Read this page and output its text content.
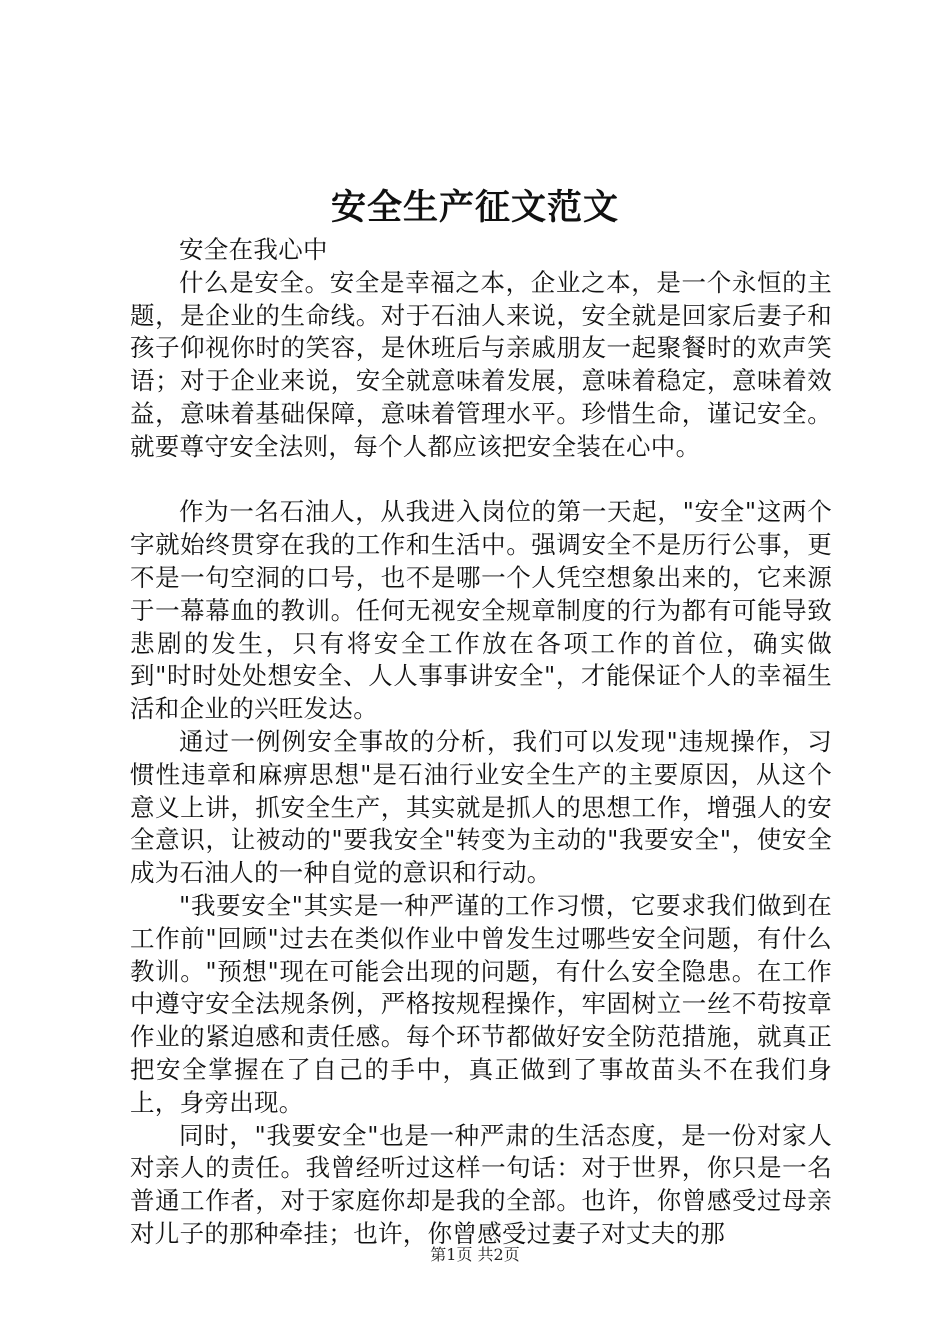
安全生产征文范文

安全在我心中

什么是安全。安全是幸福之本，企业之本，是一个永恒的主题，是企业的生命线。对于石油人来说，安全就是回家后妻子和孩子仰视你时的笑容，是休班后与亲戚朋友一起聚餐时的欢声笑语；对于企业来说，安全就意味着发展，意味着稳定，意味着效益，意味着基础保障，意味着管理水平。珍惜生命，谨记安全。就要尊守安全法则，每个人都应该把安全装在心中。

作为一名石油人，从我进入岗位的第一天起，"安全"这两个字就始终贯穿在我的工作和生活中。强调安全不是历行公事，更不是一句空洞的口号，也不是哪一个人凭空想象出来的，它来源于一幕幕血的教训。任何无视安全规章制度的行为都有可能导致悲剧的发生，只有将安全工作放在各项工作的首位，确实做到"时时处处想安全、人人事事讲安全"，才能保证个人的幸福生活和企业的兴旺发达。

通过一例例安全事故的分析，我们可以发现"违规操作，习惯性违章和麻痹思想"是石油行业安全生产的主要原因，从这个意义上讲，抓安全生产，其实就是抓人的思想工作，增强人的安全意识，让被动的"要我安全"转变为主动的"我要安全"，使安全成为石油人的一种自觉的意识和行动。

"我要安全"其实是一种严谨的工作习惯，它要求我们做到在工作前"回顾"过去在类似作业中曾发生过哪些安全问题，有什么教训。"预想"现在可能会出现的问题，有什么安全隐患。在工作中遵守安全法规条例，严格按规程操作，牢固树立一丝不苟按章作业的紧迫感和责任感。每个环节都做好安全防范措施，就真正把安全掌握在了自己的手中，真正做到了事故苗头不在我们身上，身旁出现。

同时，"我要安全"也是一种严肃的生活态度，是一份对家人对亲人的责任。我曾经听过这样一句话：对于世界，你只是一名普通工作者，对于家庭你却是我的全部。也许，你曾感受过母亲对儿子的那种牵挂；也许，你曾感受过妻子对丈夫的那

第1页 共2页
